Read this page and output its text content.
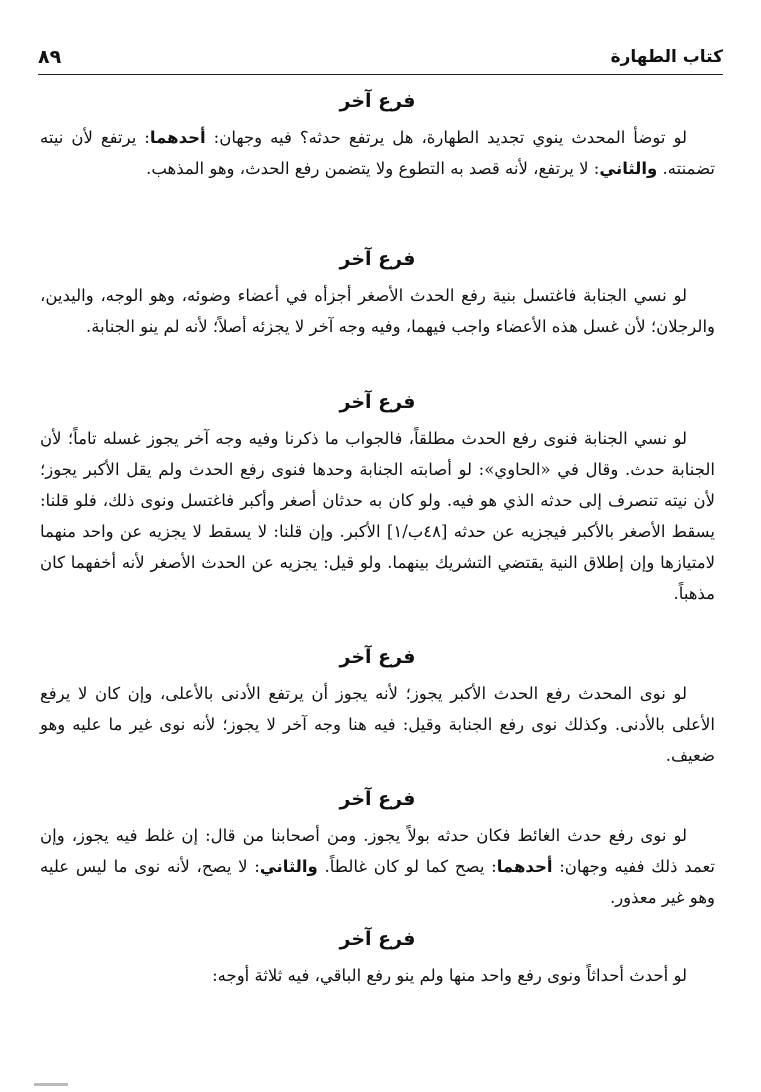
كتاب الطهارة
٨٩
فرع آخر

لو توضأ المحدث ينوي تجديد الطهارة، هل يرتفع حدثه؟ فيه وجهان: أحدهما: يرتفع لأن نيته تضمنته. والثاني: لا يرتفع، لأنه قصد به التطوع ولا يتضمن رفع الحدث، وهو المذهب.

فرع آخر

لو نسي الجنابة فاغتسل بنية رفع الحدث الأصغر أجزأه في أعضاء وضوئه، وهو الوجه، واليدين، والرجلان؛ لأن غسل هذه الأعضاء واجب فيهما، وفيه وجه آخر لا يجزئه أصلاً؛ لأنه لم ينو الجنابة.

فرع آخر

لو نسي الجنابة فنوى رفع الحدث مطلقاً، فالجواب ما ذكرنا وفيه وجه آخر يجوز غسله تاماً؛ لأن الجنابة حدث. وقال في «الحاوي»: لو أصابته الجنابة وحدها فنوى رفع الحدث ولم يقل الأكبر يجوز؛ لأن نيته تنصرف إلى حدثه الذي هو فيه. ولو كان به حدثان أصغر وأكبر فاغتسل ونوى ذلك، فلو قلنا: يسقط الأصغر بالأكبر فيجزيه عن حدثه [٤٨ب/١] الأكبر. وإن قلنا: لا يسقط لا يجزيه عن واحد منهما لامتيازها وإن إطلاق النية يقتضي التشريك بينهما. ولو قيل: يجزيه عن الحدث الأصغر لأنه أخفهما كان مذهباً.

فرع آخر

لو نوى المحدث رفع الحدث الأكبر يجوز؛ لأنه يجوز أن يرتفع الأدنى بالأعلى، وإن كان لا يرفع الأعلى بالأدنى. وكذلك نوى رفع الجنابة وقيل: فيه هنا وجه آخر لا يجوز؛ لأنه نوى غير ما عليه وهو ضعيف.

فرع آخر

لو نوى رفع حدث الغائط فكان حدثه بولاً يجوز. ومن أصحابنا من قال: إن غلط فيه يجوز، وإن تعمد ذلك ففيه وجهان: أحدهما: يصح كما لو كان غالطاً. والثاني: لا يصح، لأنه نوى ما ليس عليه وهو غير معذور.

فرع آخر

لو أحدث أحداثاً ونوى رفع واحد منها ولم ينو رفع الباقي، فيه ثلاثة أوجه:
